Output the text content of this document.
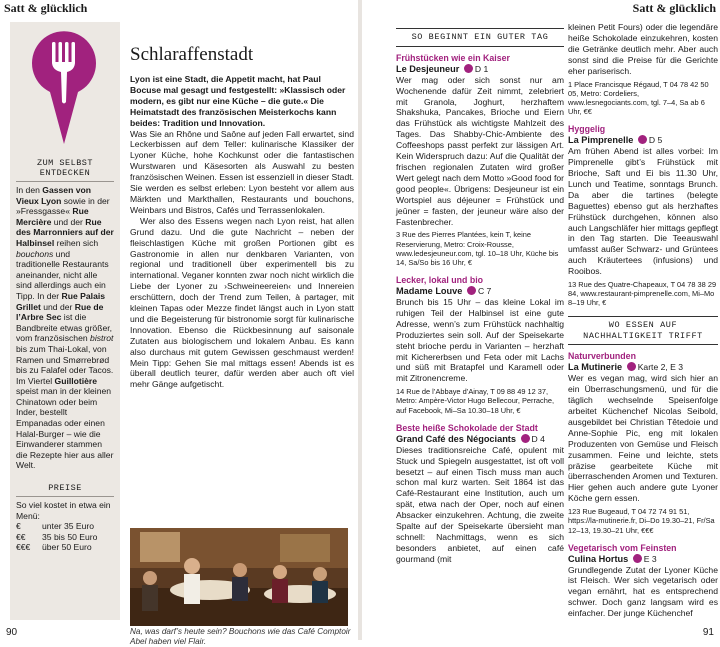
Satt & glücklich
ZUM SELBST ENTDECKEN
In den Gassen von Vieux Lyon sowie in der »Fressgasse« Rue Mercière und der Rue des Marronniers auf der Halbinsel reihen sich bouchons und traditionelle Restaurants aneinander, nicht alle sind allerdings auch ein Tipp. In der Rue Palais Grillet und der Rue de l’Arbre Sec ist die Bandbreite etwas größer, vom französischen bistrot bis zum Thai-Lokal, von Ramen und Smørrebrød bis zu Falafel oder Tacos. Im Viertel Guillotière speist man in der kleinen Chinatown oder beim Inder, bestellt Empanadas oder einen Halal-Burger – wie die Einwanderer stammen die Rezepte hier aus aller Welt.
PREISE
So viel kostet in etwa ein Menü:
€	unter 35 Euro
€€	35 bis 50 Euro
€€€	über 50 Euro
Schlaraffenstadt

Lyon ist eine Stadt, die Appetit macht, hat Paul Bocuse mal gesagt und festgestellt: »Klassisch oder modern, es gibt nur eine Küche – die gute.« Die Heimatstadt des französischen Meisterkochs kann beides: Tradition und Innovation.

Was Sie an Rhône und Saône auf jeden Fall erwartet, sind Leckerbissen auf dem Teller: kulinarische Klassiker der Lyoner Küche, hohe Kochkunst oder die fantastischen Wurstwaren und Käsesorten als Auswahl zu besten französischen Weinen. Essen ist essenziell in dieser Stadt. Sie werden es selbst erleben: Lyon besteht vor allem aus Märkten und Markthallen, Restaurants und bouchons, Weinbars und Bistros, Cafés und Terrassenlokalen.

Wer also des Essens wegen nach Lyon reist, hat allen Grund dazu. Und die gute Nachricht – neben der fleischlastigen Küche mit großen Portionen gibt es Gastronomie in allen nur denkbaren Varianten, von regional und traditionell über experimentell bis zu international. Veganer konnten zwar noch nicht wirklich die Liebe der Lyoner zu ›Schweineereien‹ und Innereien erschüttern, doch der Trend zum Teilen, à partager, mit kleinen Tapas oder Mezze findet längst auch in Lyon statt und die Begeisterung für bistronomie sorgt für kulinarische Innovation. Ebenso die Rückbesinnung auf saisonale Zutaten aus biologischem und lokalem Anbau. Es kann also durchaus mit gutem Gewissen geschmaust werden! Mein Tipp: Gehen Sie mal mittags essen! Abends ist es überall deutlich teurer, dafür werden aber auch oft viel mehr Gänge aufgetischt.

Na, was darf’s heute sein? Bouchons wie das Café Comptoir Abel haben viel Flair.
90
Satt & glücklich
SO BEGINNT EIN GUTER TAG
Frühstücken wie ein Kaiser
Le Desjeuneur D 1
Wer mag oder sich sonst nur am Wochenende dafür Zeit nimmt, zelebriert mit Granola, Joghurt, herzhaftem Shakshuka, Pancakes, Brioche und Eiern das Frühstück als wichtigste Mahlzeit des Tages. Das Shabby-Chic-Ambiente des Coffeeshops passt perfekt zur lässigen Art. Kein Widerspruch dazu: Auf die Qualität der frischen regionalen Zutaten wird großer Wert gelegt nach dem Motto »Good food for good people«. Übrigens: Desjeuneur ist ein Wortspiel aus déjeuner = Frühstück und jeûner = fasten, der jeuneur wäre also der Fastenbrecher.
3 Rue des Pierres Plantées, kein T, keine Reservierung, Metro: Croix-Rousse, www.ledesjeuneur.com, tgl. 10–18 Uhr, Küche bis 14, Sa/So bis 16 Uhr, €
Lecker, lokal und bio
Madame Louve C 7
Brunch bis 15 Uhr – das kleine Lokal im ruhigen Teil der Halbinsel ist eine gute Adresse, wenn’s zum Frühstück nachhaltig Produziertes sein soll. Auf der Speisekarte steht brioche perdu in Varianten – herzhaft mit Kichererbsen und Feta oder mit Lachs und süß mit Bratapfel und Karamell oder mit Zitronencreme.
14 Rue de l’Abbaye d’Ainay, T 09 88 49 12 37, Metro: Ampère-Victor Hugo Bellecour, Perrache, auf Facebook, Mi–Sa 10.30–18 Uhr, €
Beste heiße Schokolade der Stadt
Grand Café des Négociants D 4
Dieses traditionsreiche Café, opulent mit Stuck und Spiegeln ausgestattet, ist oft voll besetzt – auf einen Tisch muss man auch schon mal kurz warten. Seit 1864 ist das Café-Restaurant eine Institution, auch um spät, etwa nach der Oper, noch auf einen Absacker einzukehren. Achtung, die zweite Spalte auf der Speisekarte übersieht man schnell: Nachmittags, wenn es sich besonders anbietet, auf einen café gourmand (mit
kleinen Petit Fours) oder die legendäre heiße Schokolade einzukehren, kosten die Getränke deutlich mehr. Aber auch sonst sind die Preise für die Gerichte eher pariserisch.
1 Place Francisque Régaud, T 04 78 42 50 05, Metro: Cordeliers, www.lesnegociants.com, tgl. 7–4, Sa ab 6 Uhr, €€
Hyggelig
La Pimprenelle D 5
Am frühen Abend ist alles vorbei: Im Pimprenelle gibt’s Frühstück mit Brioche, Saft und Ei bis 11.30 Uhr, Lunch und Teatime, sonntags Brunch. Da aber die tartines (belegte Baguettes) ebenso gut als herzhaftes Frühstück durchgehen, können also auch Langschläfer hier mittags gepflegt in den Tag starten. Die Teeauswahl umfasst außer Schwarz- und Grüntees auch Kräutertees (infusions) und Rooibos.
13 Rue des Quatre-Chapeaux, T 04 78 38 29 84, www.restaurant-pimprenelle.com, Mi–Mo 8–19 Uhr, €
WO ESSEN AUF NACHHALTIGKEIT TRIFFT
Naturverbunden
La Mutinerie Karte 2, E 3
Wer es vegan mag, wird sich hier an ein Überraschungsmenü, und für die täglich wechselnde Speisenfolge arbeitet Küchenchef Nicolas Seibold, ausgebildet bei Christian Têtedoie und Anne-Sophie Pic, eng mit lokalen Produzenten von Gemüse und Fleisch zusammen. Feine und leichte, stets präzise gearbeitete Küche mit überraschenden Aromen und Texturen. Hier gehen auch andere gute Lyoner Köche gern essen.
123 Rue Bugeaud, T 04 72 74 91 51, https://la-mutinerie.fr, Di–Do 19.30–21, Fr/Sa 12–13, 19.30–21 Uhr, €€€
Vegetarisch vom Feinsten
Culina Hortus E 3
Grundlegende Zutat der Lyoner Küche ist Fleisch. Wer sich vegetarisch oder vegan ernährt, hat es entsprechend schwer. Doch ganz langsam wird es einfacher. Der junge Küchenchef
91
